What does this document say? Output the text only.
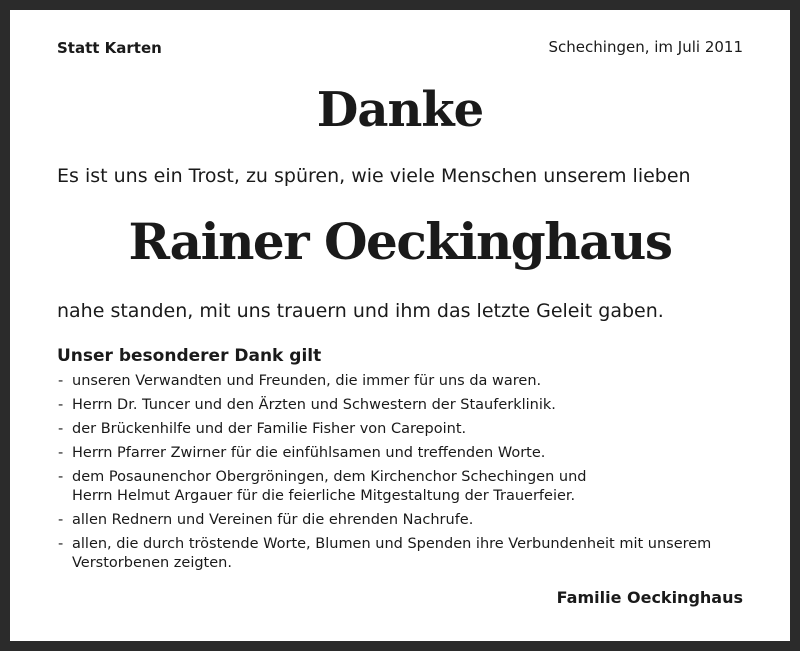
Statt Karten	Schechingen, im Juli 2011

Danke

Es ist uns ein Trost, zu spüren, wie viele Menschen unserem lieben

Rainer Oeckinghaus

nahe standen, mit uns trauern und ihm das letzte Geleit gaben.

Unser besonderer Dank gilt

- unseren Verwandten und Freunden, die immer für uns da waren.
- Herrn Dr. Tuncer und den Ärzten und Schwestern der Stauferklinik.
- der Brückenhilfe und der Familie Fisher von Carepoint.
- Herrn Pfarrer Zwirner für die einfühlsamen und treffenden Worte.
- dem Posaunenchor Obergröningen, dem Kirchenchor Schechingen und
Herrn Helmut Argauer für die feierliche Mitgestaltung der Trauerfeier.
- allen Rednern und Vereinen für die ehrenden Nachrufe.
- allen, die durch tröstende Worte, Blumen und Spenden ihre Verbundenheit mit unserem
Verstorbenen zeigten.

Familie Oeckinghaus
